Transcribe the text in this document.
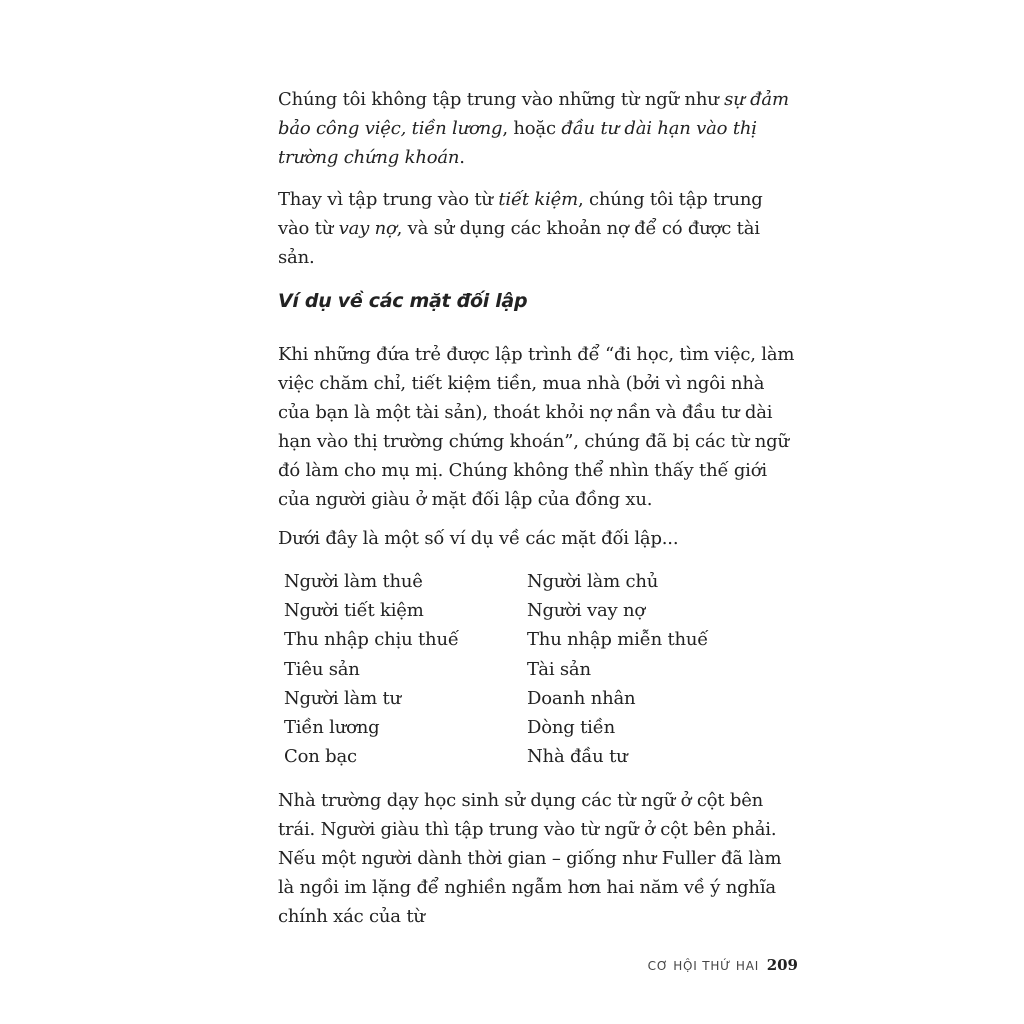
Chúng tôi không tập trung vào những từ ngữ như sự đảm bảo công việc, tiền lương, hoặc đầu tư dài hạn vào thị trường chứng khoán.
Thay vì tập trung vào từ tiết kiệm, chúng tôi tập trung vào từ vay nợ, và sử dụng các khoản nợ để có được tài sản.
Ví dụ về các mặt đối lập
Khi những đứa trẻ được lập trình để “đi học, tìm việc, làm việc chăm chỉ, tiết kiệm tiền, mua nhà (bởi vì ngôi nhà của bạn là một tài sản), thoát khỏi nợ nần và đầu tư dài hạn vào thị trường chứng khoán”, chúng đã bị các từ ngữ đó làm cho mụ mị. Chúng không thể nhìn thấy thế giới của người giàu ở mặt đối lập của đồng xu.
Dưới đây là một số ví dụ về các mặt đối lập...
Người làm thuê	Người làm chủ
Người tiết kiệm	Người vay nợ
Thu nhập chịu thuế	Thu nhập miễn thuế
Tiêu sản	Tài sản
Người làm tư	Doanh nhân
Tiền lương	Dòng tiền
Con bạc	Nhà đầu tư
Nhà trường dạy học sinh sử dụng các từ ngữ ở cột bên trái. Người giàu thì tập trung vào từ ngữ ở cột bên phải. Nếu một người dành thời gian – giống như Fuller đã làm là ngồi im lặng để nghiền ngẫm hơn hai năm về ý nghĩa chính xác của từ
CƠ HỘI THỨ HAI 209
